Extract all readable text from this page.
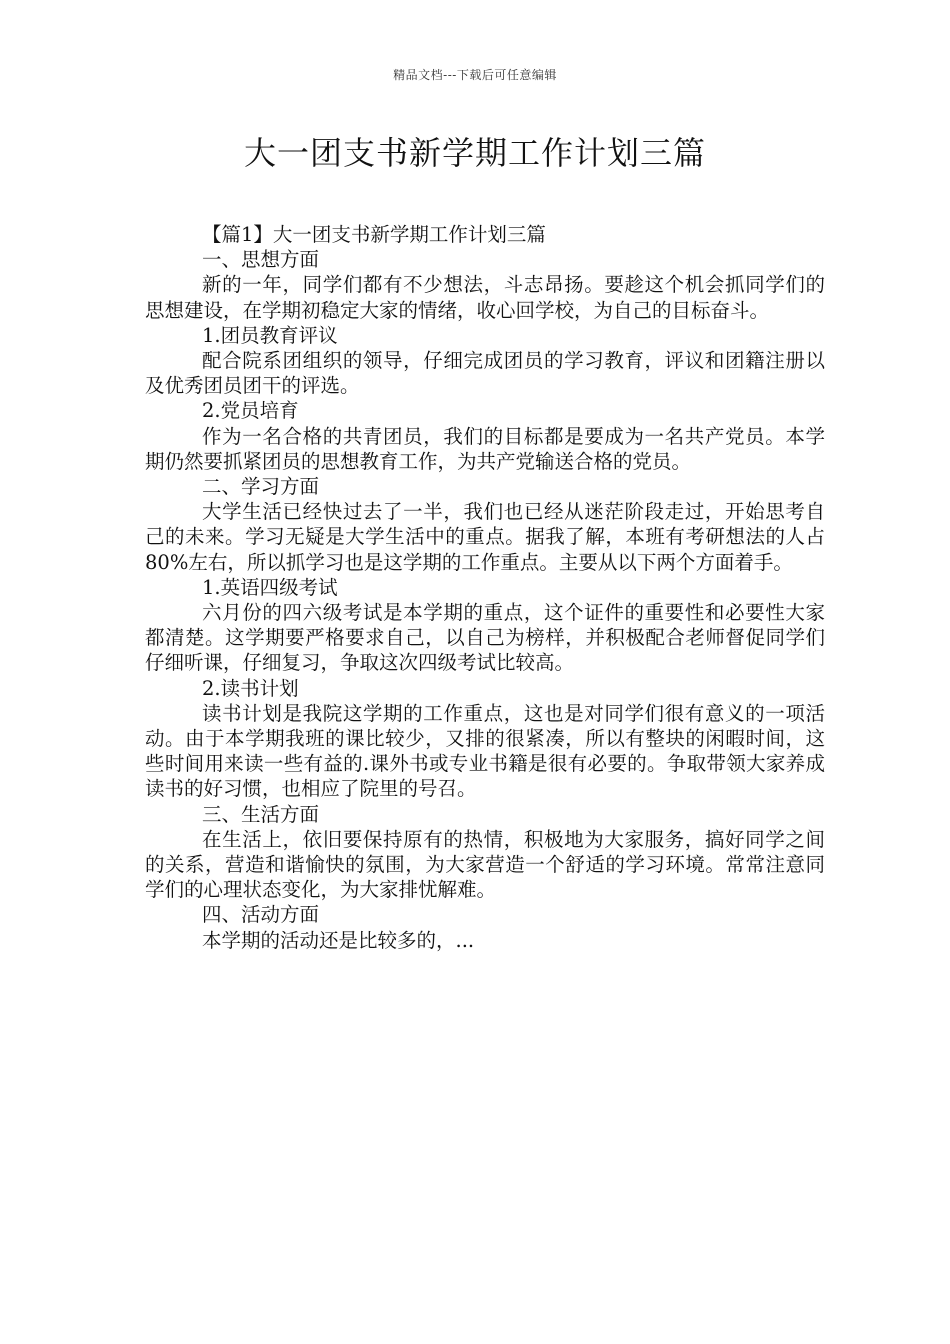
精品文档---下载后可任意编辑
大一团支书新学期工作计划三篇

【篇1】大一团支书新学期工作计划三篇

一、思想方面

新的一年，同学们都有不少想法，斗志昂扬。要趁这个机会抓同学们的思想建设，在学期初稳定大家的情绪，收心回学校，为自己的目标奋斗。

1.团员教育评议

配合院系团组织的领导，仔细完成团员的学习教育，评议和团籍注册以及优秀团员团干的评选。

2.党员培育

作为一名合格的共青团员，我们的目标都是要成为一名共产党员。本学期仍然要抓紧团员的思想教育工作，为共产党输送合格的党员。

二、学习方面

大学生活已经快过去了一半，我们也已经从迷茫阶段走过，开始思考自己的未来。学习无疑是大学生活中的重点。据我了解，本班有考研想法的人占80%左右，所以抓学习也是这学期的工作重点。主要从以下两个方面着手。

1.英语四级考试

六月份的四六级考试是本学期的重点，这个证件的重要性和必要性大家都清楚。这学期要严格要求自己，以自己为榜样，并积极配合老师督促同学们仔细听课，仔细复习，争取这次四级考试比较高。

2.读书计划

读书计划是我院这学期的工作重点，这也是对同学们很有意义的一项活动。由于本学期我班的课比较少，又排的很紧凑，所以有整块的闲暇时间，这些时间用来读一些有益的.课外书或专业书籍是很有必要的。争取带领大家养成读书的好习惯，也相应了院里的号召。

三、生活方面

在生活上，依旧要保持原有的热情，积极地为大家服务，搞好同学之间的关系，营造和谐愉快的氛围，为大家营造一个舒适的学习环境。常常注意同学们的心理状态变化，为大家排忧解难。

四、活动方面

本学期的活动还是比较多的，...
